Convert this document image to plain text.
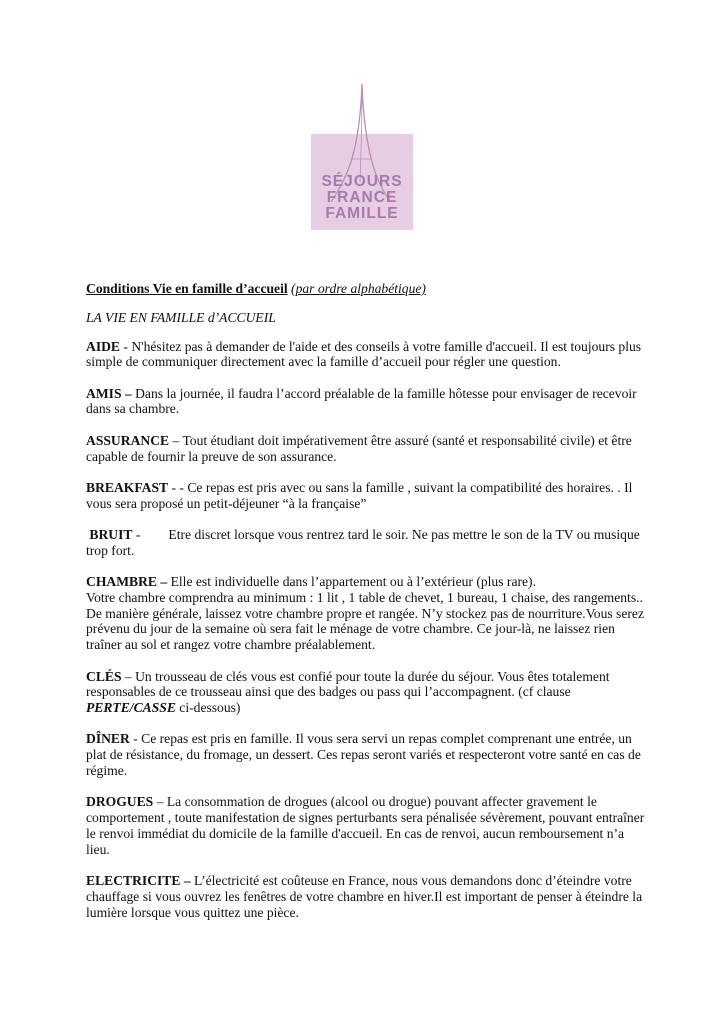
SÉJOURS
FRANCE
FAMILLE
Conditions Vie en famille d’accueil (par ordre alphabétique)
LA VIE EN FAMILLE d’ACCUEIL
AIDE - N'hésitez pas à demander de l'aide et des conseils à votre famille d'accueil. Il est toujours plus simple de communiquer directement avec la famille d’accueil pour régler une question.
AMIS – Dans la journée, il faudra l’accord préalable de la famille hôtesse pour envisager de recevoir dans sa chambre.
ASSURANCE – Tout étudiant doit impérativement être assuré (santé et responsabilité civile) et être capable de fournir la preuve de son assurance.
BREAKFAST - - Ce repas est pris avec ou sans la famille , suivant la compatibilité des horaires. . Il vous sera proposé un petit-déjeuner “à la française”
BRUIT - Etre discret lorsque vous rentrez tard le soir. Ne pas mettre le son de la TV ou musique trop fort.
CHAMBRE – Elle est individuelle dans l’appartement ou à l’extérieur (plus rare).
Votre chambre comprendra au minimum : 1 lit , 1 table de chevet, 1 bureau, 1 chaise, des rangements..
De manière générale, laissez votre chambre propre et rangée. N’y stockez pas de nourriture.Vous serez prévenu du jour de la semaine où sera fait le ménage de votre chambre. Ce jour-là, ne laissez rien traîner au sol et rangez votre chambre préalablement.
CLÉS – Un trousseau de clés vous est confié pour toute la durée du séjour. Vous êtes totalement responsables de ce trousseau ainsi que des badges ou pass qui l’accompagnent. (cf clause PERTE/CASSE ci-dessous)
DÎNER - Ce repas est pris en famille. Il vous sera servi un repas complet comprenant une entrée, un plat de résistance, du fromage, un dessert. Ces repas seront variés et respecteront votre santé en cas de régime.
DROGUES – La consommation de drogues (alcool ou drogue) pouvant affecter gravement le comportement , toute manifestation de signes perturbants sera pénalisée sévèrement, pouvant entraîner le renvoi immédiat du domicile de la famille d'accueil. En cas de renvoi, aucun remboursement n’a lieu.
ELECTRICITE – L’électricité est coûteuse en France, nous vous demandons donc d’éteindre votre chauffage si vous ouvrez les fenêtres de votre chambre en hiver.Il est important de penser à éteindre la lumière lorsque vous quittez une pièce.
